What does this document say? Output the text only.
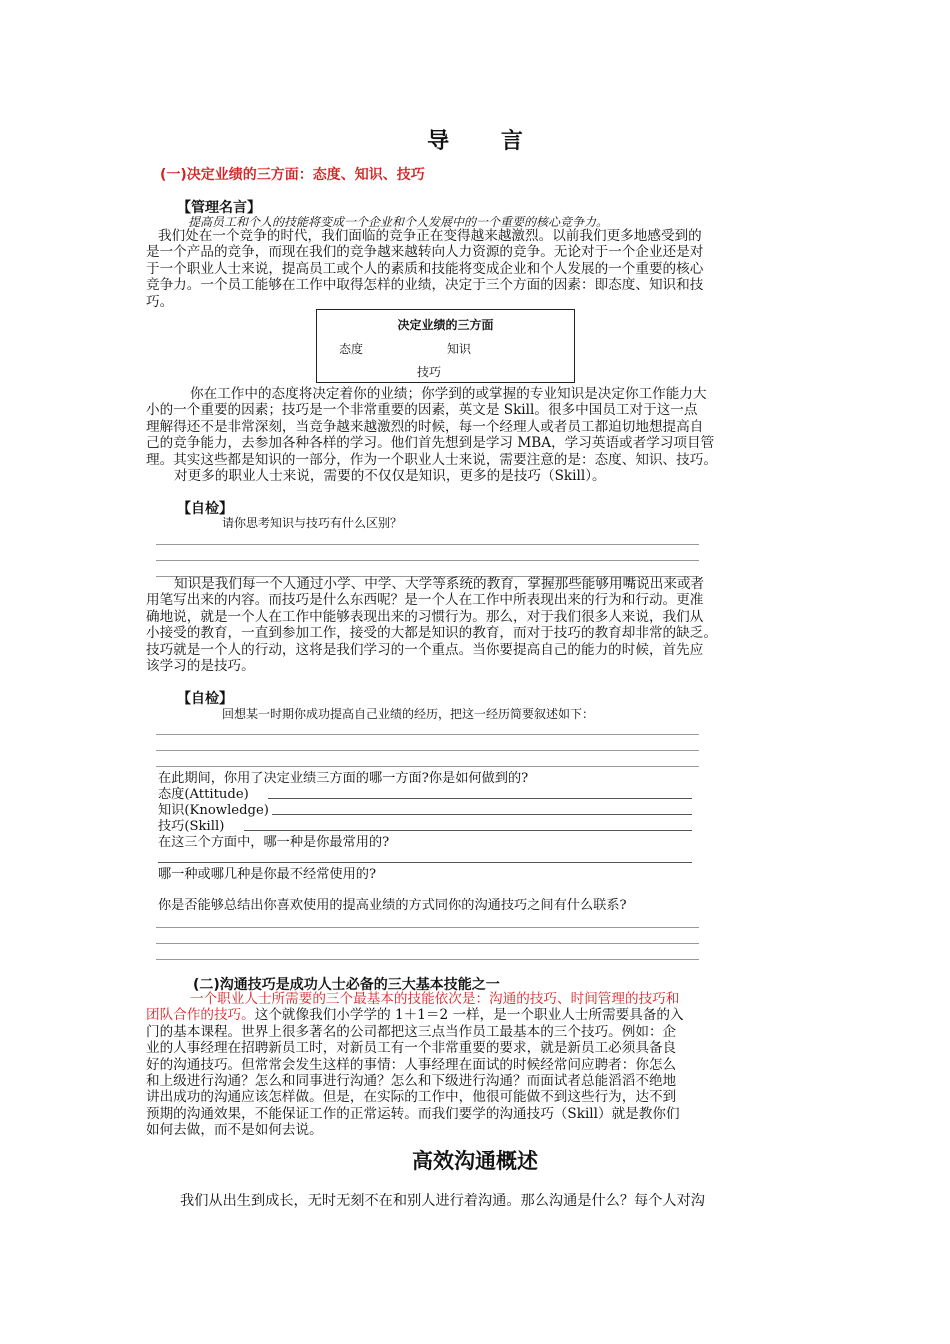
导 言
(一)决定业绩的三方面：态度、知识、技巧
【管理名言】
提高员工和个人的技能将变成一个企业和个人发展中的一个重要的核心竞争力。

我们处在一个竞争的时代，我们面临的竞争正在变得越来越激烈。以前我们更多地感受到的

是一个产品的竞争，而现在我们的竞争越来越转向人力资源的竞争。无论对于一个企业还是对

于一个职业人士来说，提高员工或个人的素质和技能将变成企业和个人发展的一个重要的核心

竞争力。一个员工能够在工作中取得怎样的业绩，决定于三个方面的因素：即态度、知识和技

巧。

决定业绩的三方面
态度	知识
技巧

你在工作中的态度将决定着你的业绩；你学到的或掌握的专业知识是决定你工作能力大

小的一个重要的因素；技巧是一个非常重要的因素，英文是 Skill。很多中国员工对于这一点

理解得还不是非常深刻，当竞争越来越激烈的时候，每一个经理人或者员工都迫切地想提高自

己的竞争能力，去参加各种各样的学习。他们首先想到是学习 MBA，学习英语或者学习项目管

理。其实这些都是知识的一部分，作为一个职业人士来说，需要注意的是：态度、知识、技巧。

对更多的职业人士来说，需要的不仅仅是知识，更多的是技巧（Skill）。

【自检】
请你思考知识与技巧有什么区别？

知识是我们每一个人通过小学、中学、大学等系统的教育，掌握那些能够用嘴说出来或者

用笔写出来的内容。而技巧是什么东西呢？是一个人在工作中所表现出来的行为和行动。更准

确地说，就是一个人在工作中能够表现出来的习惯行为。那么，对于我们很多人来说，我们从

小接受的教育，一直到参加工作，接受的大都是知识的教育，而对于技巧的教育却非常的缺乏。

技巧就是一个人的行动，这将是我们学习的一个重点。当你要提高自己的能力的时候，首先应

该学习的是技巧。

【自检】
回想某一时期你成功提高自己业绩的经历，把这一经历简要叙述如下：
在此期间，你用了决定业绩三方面的哪一方面?你是如何做到的?
态度(Attitude)
知识(Knowledge)
技巧(Skill)
在这三个方面中，哪一种是你最常用的?
哪一种或哪几种是你最不经常使用的?
你是否能够总结出你喜欢使用的提高业绩的方式同你的沟通技巧之间有什么联系?
(二)沟通技巧是成功人士必备的三大基本技能之一

一个职业人士所需要的三个最基本的技能依次是：沟通的技巧、时间管理的技巧和

团队合作的技巧。这个就像我们小学学的 1＋1＝2 一样，是一个职业人士所需要具备的入

门的基本课程。世界上很多著名的公司都把这三点当作员工最基本的三个技巧。例如：企

业的人事经理在招聘新员工时，对新员工有一个非常重要的要求，就是新员工必须具备良

好的沟通技巧。但常常会发生这样的事情：人事经理在面试的时候经常问应聘者：你怎么

和上级进行沟通？怎么和同事进行沟通？怎么和下级进行沟通？而面试者总能滔滔不绝地

讲出成功的沟通应该怎样做。但是，在实际的工作中，他很可能做不到这些行为，达不到

预期的沟通效果，不能保证工作的正常运转。而我们要学的沟通技巧（Skill）就是教你们

如何去做，而不是如何去说。

高效沟通概述
我们从出生到成长，无时无刻不在和别人进行着沟通。那么沟通是什么？每个人对沟
